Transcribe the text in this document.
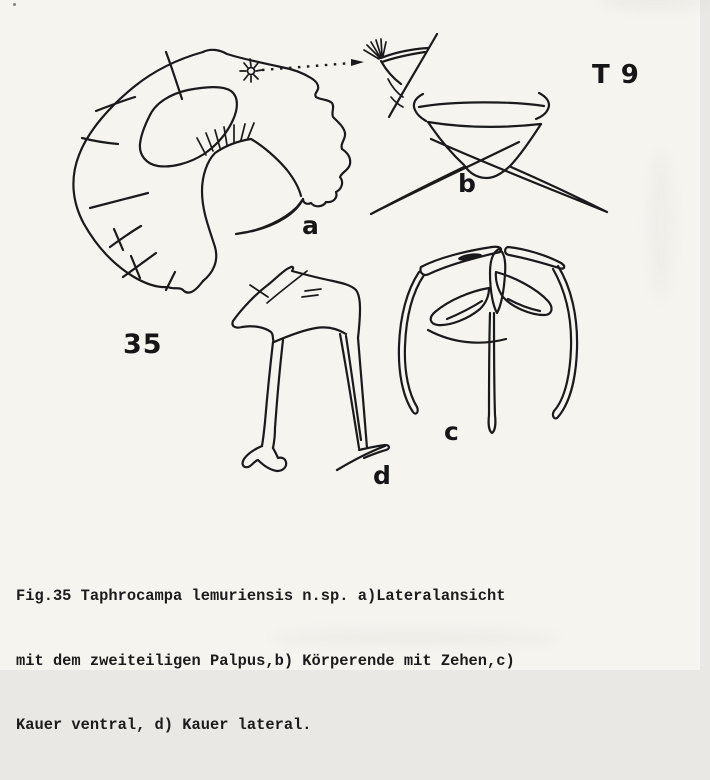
T 9
35
a
b
c
d

Fig.35 Taphrocampa lemuriensis n.sp. a)Lateralansicht

mit dem zweiteiligen Palpus,b) Körperende mit Zehen,c)

Kauer ventral, d) Kauer lateral.
